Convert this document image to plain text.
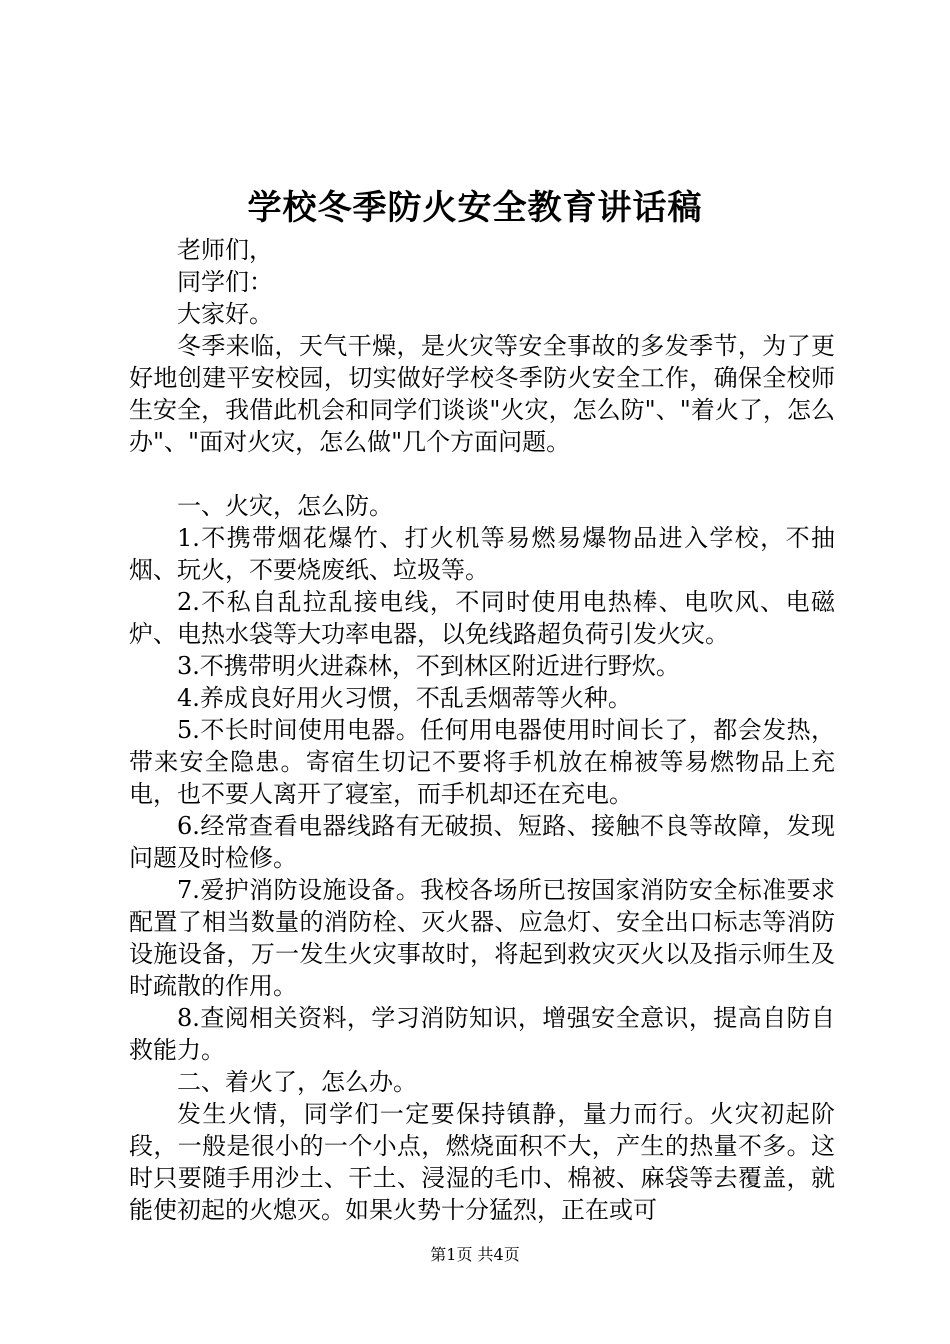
学校冬季防火安全教育讲话稿

老师们，

同学们：

大家好。

冬季来临，天气干燥，是火灾等安全事故的多发季节，为了更好地创建平安校园，切实做好学校冬季防火安全工作，确保全校师生安全，我借此机会和同学们谈谈"火灾，怎么防"、"着火了，怎么办"、"面对火灾，怎么做"几个方面问题。

一、火灾，怎么防。

1.不携带烟花爆竹、打火机等易燃易爆物品进入学校，不抽烟、玩火，不要烧废纸、垃圾等。

2.不私自乱拉乱接电线，不同时使用电热棒、电吹风、电磁炉、电热水袋等大功率电器，以免线路超负荷引发火灾。

3.不携带明火进森林，不到林区附近进行野炊。

4.养成良好用火习惯，不乱丢烟蒂等火种。

5.不长时间使用电器。任何用电器使用时间长了，都会发热，带来安全隐患。寄宿生切记不要将手机放在棉被等易燃物品上充电，也不要人离开了寝室，而手机却还在充电。

6.经常查看电器线路有无破损、短路、接触不良等故障，发现问题及时检修。

7.爱护消防设施设备。我校各场所已按国家消防安全标准要求配置了相当数量的消防栓、灭火器、应急灯、安全出口标志等消防设施设备，万一发生火灾事故时，将起到救灾灭火以及指示师生及时疏散的作用。

8.查阅相关资料，学习消防知识，增强安全意识，提高自防自救能力。

二、着火了，怎么办。

发生火情，同学们一定要保持镇静，量力而行。火灾初起阶段，一般是很小的一个小点，燃烧面积不大，产生的热量不多。这时只要随手用沙土、干土、浸湿的毛巾、棉被、麻袋等去覆盖，就能使初起的火熄灭。如果火势十分猛烈，正在或可

第1页 共4页
